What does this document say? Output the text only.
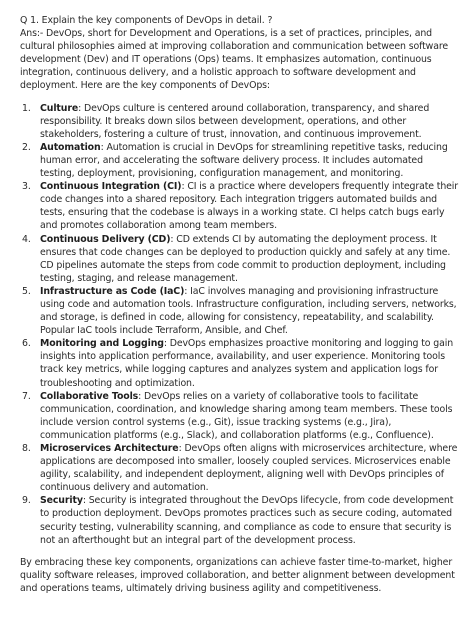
Q 1. Explain the key components of DevOps in detail. ?

Ans:- DevOps, short for Development and Operations, is a set of practices, principles, and cultural philosophies aimed at improving collaboration and communication between software development (Dev) and IT operations (Ops) teams. It emphasizes automation, continuous integration, continuous delivery, and a holistic approach to software development and deployment. Here are the key components of DevOps:

1. Culture: DevOps culture is centered around collaboration, transparency, and shared responsibility. It breaks down silos between development, operations, and other stakeholders, fostering a culture of trust, innovation, and continuous improvement.
2. Automation: Automation is crucial in DevOps for streamlining repetitive tasks, reducing human error, and accelerating the software delivery process. It includes automated testing, deployment, provisioning, configuration management, and monitoring.
3. Continuous Integration (CI): CI is a practice where developers frequently integrate their code changes into a shared repository. Each integration triggers automated builds and tests, ensuring that the codebase is always in a working state. CI helps catch bugs early and promotes collaboration among team members.
4. Continuous Delivery (CD): CD extends CI by automating the deployment process. It ensures that code changes can be deployed to production quickly and safely at any time. CD pipelines automate the steps from code commit to production deployment, including testing, staging, and release management.
5. Infrastructure as Code (IaC): IaC involves managing and provisioning infrastructure using code and automation tools. Infrastructure configuration, including servers, networks, and storage, is defined in code, allowing for consistency, repeatability, and scalability. Popular IaC tools include Terraform, Ansible, and Chef.
6. Monitoring and Logging: DevOps emphasizes proactive monitoring and logging to gain insights into application performance, availability, and user experience. Monitoring tools track key metrics, while logging captures and analyzes system and application logs for troubleshooting and optimization.
7. Collaborative Tools: DevOps relies on a variety of collaborative tools to facilitate communication, coordination, and knowledge sharing among team members. These tools include version control systems (e.g., Git), issue tracking systems (e.g., Jira), communication platforms (e.g., Slack), and collaboration platforms (e.g., Confluence).
8. Microservices Architecture: DevOps often aligns with microservices architecture, where applications are decomposed into smaller, loosely coupled services. Microservices enable agility, scalability, and independent deployment, aligning well with DevOps principles of continuous delivery and automation.
9. Security: Security is integrated throughout the DevOps lifecycle, from code development to production deployment. DevOps promotes practices such as secure coding, automated security testing, vulnerability scanning, and compliance as code to ensure that security is not an afterthought but an integral part of the development process.

By embracing these key components, organizations can achieve faster time-to-market, higher quality software releases, improved collaboration, and better alignment between development and operations teams, ultimately driving business agility and competitiveness.
